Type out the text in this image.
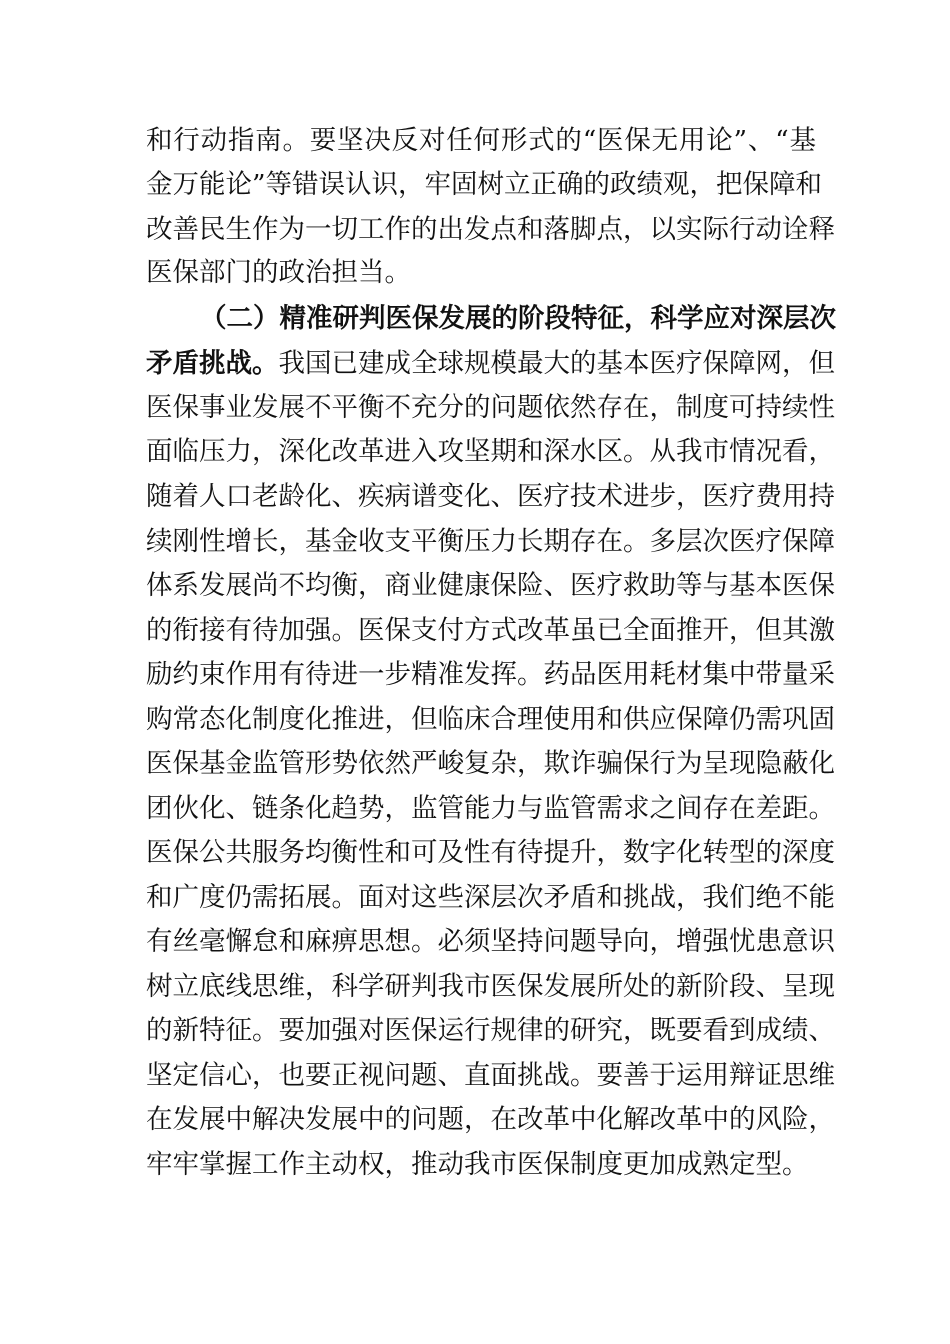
和行动指南。要坚决反对任何形式的“医保无用论”、“基
金万能论”等错误认识，牢固树立正确的政绩观，把保障和
改善民生作为一切工作的出发点和落脚点，以实际行动诠释
医保部门的政治担当。
（二）精准研判医保发展的阶段特征，科学应对深层次
矛盾挑战。我国已建成全球规模最大的基本医疗保障网，但
医保事业发展不平衡不充分的问题依然存在，制度可持续性
面临压力，深化改革进入攻坚期和深水区。从我市情况看，
随着人口老龄化、疾病谱变化、医疗技术进步，医疗费用持
续刚性增长，基金收支平衡压力长期存在。多层次医疗保障
体系发展尚不均衡，商业健康保险、医疗救助等与基本医保
的衔接有待加强。医保支付方式改革虽已全面推开，但其激
励约束作用有待进一步精准发挥。药品医用耗材集中带量采
购常态化制度化推进，但临床合理使用和供应保障仍需巩固
医保基金监管形势依然严峻复杂，欺诈骗保行为呈现隐蔽化
团伙化、链条化趋势，监管能力与监管需求之间存在差距。
医保公共服务均衡性和可及性有待提升，数字化转型的深度
和广度仍需拓展。面对这些深层次矛盾和挑战，我们绝不能
有丝毫懈怠和麻痹思想。必须坚持问题导向，增强忧患意识
树立底线思维，科学研判我市医保发展所处的新阶段、呈现
的新特征。要加强对医保运行规律的研究，既要看到成绩、
坚定信心，也要正视问题、直面挑战。要善于运用辩证思维
在发展中解决发展中的问题，在改革中化解改革中的风险，
牢牢掌握工作主动权，推动我市医保制度更加成熟定型。
